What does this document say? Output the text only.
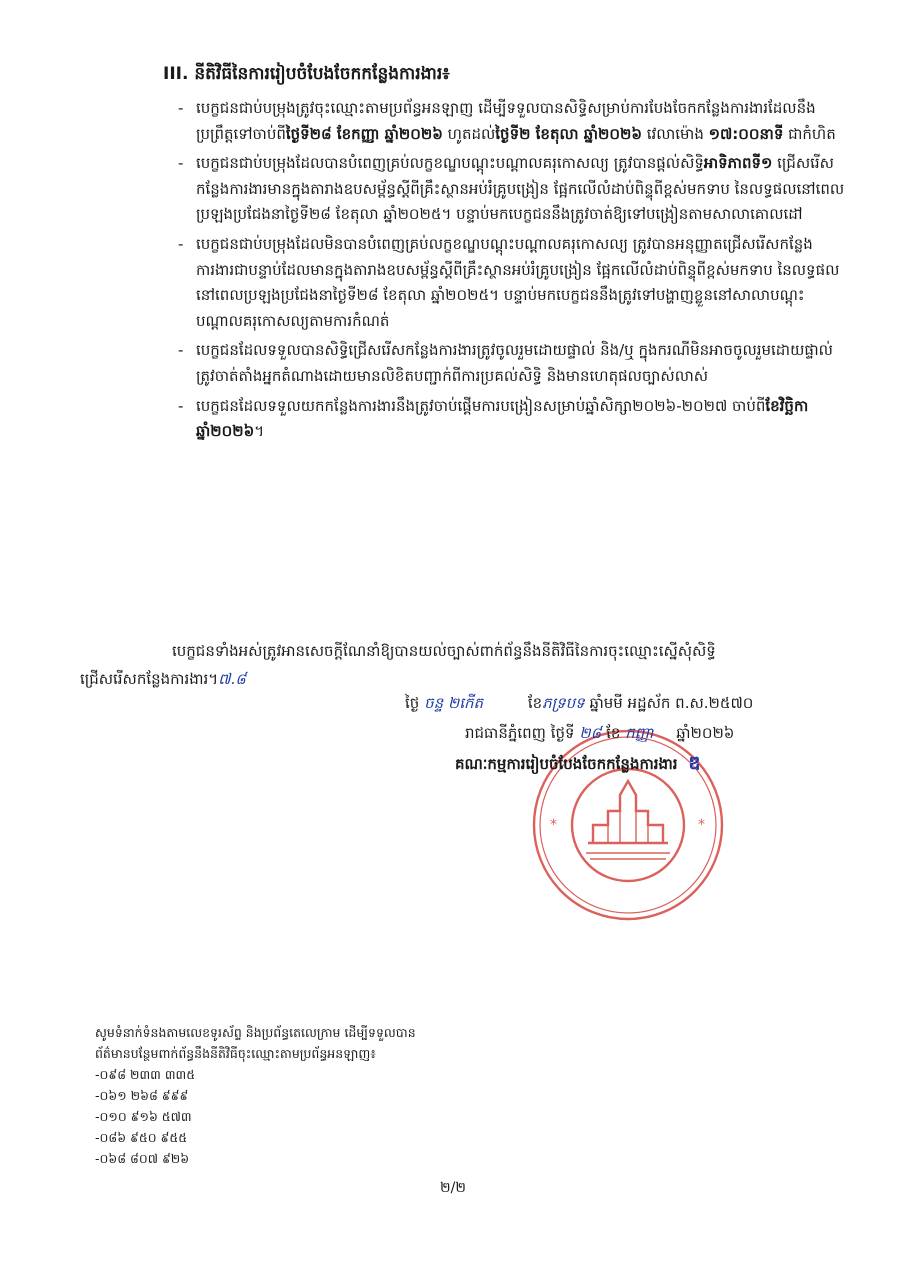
III. នីតិវិធីនៃការរៀបចំបែងចែកកន្លែងការងារ៖
- បេក្ខជនជាប់បម្រុងត្រូវចុះឈ្មោះតាមប្រព័ន្ធអនឡាញ ដើម្បីទទួលបានសិទ្ធិសម្រាប់ការបែងចែកកន្លែងការងារដែលនឹងប្រព្រឹត្តទៅចាប់ពីថ្ងៃទី២៨ ខែកញ្ញា ឆ្នាំ២០២៦ ហូតដល់ថ្ងៃទី២ ខែតុលា ឆ្នាំ២០២៦ វេលាម៉ោង ១៧:០០នាទី ជាកំហិត

- បេក្ខជនជាប់បម្រុងដែលបានបំពេញគ្រប់លក្ខខណ្ឌបណ្តុះបណ្តាលគរុកោសល្យ ត្រូវបានផ្តល់សិទ្ធិអាទិភាពទី១ ជ្រើសរើសកន្លែងការងារមានក្នុងតារាងឧបសម្ព័ន្ធស្តីពីគ្រឹះស្ថានអប់រំគ្រូបង្រៀន ផ្អែកលើលំដាប់ពិន្ទុពីខ្ពស់មកទាប នៃលទ្ធផលនៅពេលប្រឡងប្រជែងនាថ្ងៃទី២៨ ខែតុលា ឆ្នាំ២០២៥។ បន្ទាប់មកបេក្ខជននឹងត្រូវចាត់ឱ្យទៅបង្រៀនតាមសាលាគោលដៅ

- បេក្ខជនជាប់បម្រុងដែលមិនបានបំពេញគ្រប់លក្ខខណ្ឌបណ្តុះបណ្តាលគរុកោសល្យ ត្រូវបានអនុញ្ញាតជ្រើសរើសកន្លែងការងារជាបន្ទាប់ដែលមានក្នុងតារាងឧបសម្ព័ន្ធស្តីពីគ្រឹះស្ថានអប់រំគ្រូបង្រៀន ផ្អែកលើលំដាប់ពិន្ទុពីខ្ពស់មកទាប នៃលទ្ធផលនៅពេលប្រឡងប្រជែងនាថ្ងៃទី២៨ ខែតុលា ឆ្នាំ២០២៥។ បន្ទាប់មកបេក្ខជននឹងត្រូវទៅបង្ហាញខ្លួននៅសាលាបណ្តុះបណ្តាលគរុកោសល្យតាមការកំណត់

- បេក្ខជនដែលទទួលបានសិទ្ធិជ្រើសរើសកន្លែងការងារត្រូវចូលរួមដោយផ្ទាល់ និង/ឬ ក្នុងករណីមិនអាចចូលរួមដោយផ្ទាល់ ត្រូវចាត់តាំងអ្នកតំណាងដោយមានលិខិតបញ្ជាក់ពីការប្រគល់សិទ្ធិ និងមានហេតុផលច្បាស់លាស់

- បេក្ខជនដែលទទួលយកកន្លែងការងារនឹងត្រូវចាប់ផ្តើមការបង្រៀនសម្រាប់ឆ្នាំសិក្សា២០២៦-២០២៧ ចាប់ពីខែវិច្ឆិកា ឆ្នាំ២០២៦។

បេក្ខជនទាំងអស់ត្រូវអានសេចក្តីណែនាំឱ្យបានយល់ច្បាស់ពាក់ព័ន្ធនឹងនីតិវិធីនៃការចុះឈ្មោះស្នើសុំសិទ្ធិ

ជ្រើសរើសកន្លែងការងារ។៧.៨

*	*
ថ្ងៃ ចន្ទ ២កើត	ខែភទ្របទ ឆ្នាំមមី អដ្ឋស័ក ព.ស.២៥៧០
រាជធានីភ្នំពេញ ថ្ងៃទី ២៨ ខែ កញ្ញា ឆ្នាំ២០២៦
គណៈកម្មការរៀបចំបែងចែកកន្លែងការងារ ឌ

សូមទំនាក់ទំនងតាមលេខទូរស័ព្ទ និងប្រព័ន្ធតេលេក្រាម ដើម្បីទទួលបាន

ព័ត៌មានបន្ថែមពាក់ព័ន្ធនឹងនីតិវិធីចុះឈ្មោះតាមប្រព័ន្ធអនឡាញ៖

-០៩៨ ២៣៣ ៣៣៥
-០៦១ ២៦៨ ៩៩៩
-០១០ ៩១៦ ៥៧៣
-០៨៦ ៩៥០ ៩៥៥
-០៦៨ ៨០៧ ៩២៦
២/២
